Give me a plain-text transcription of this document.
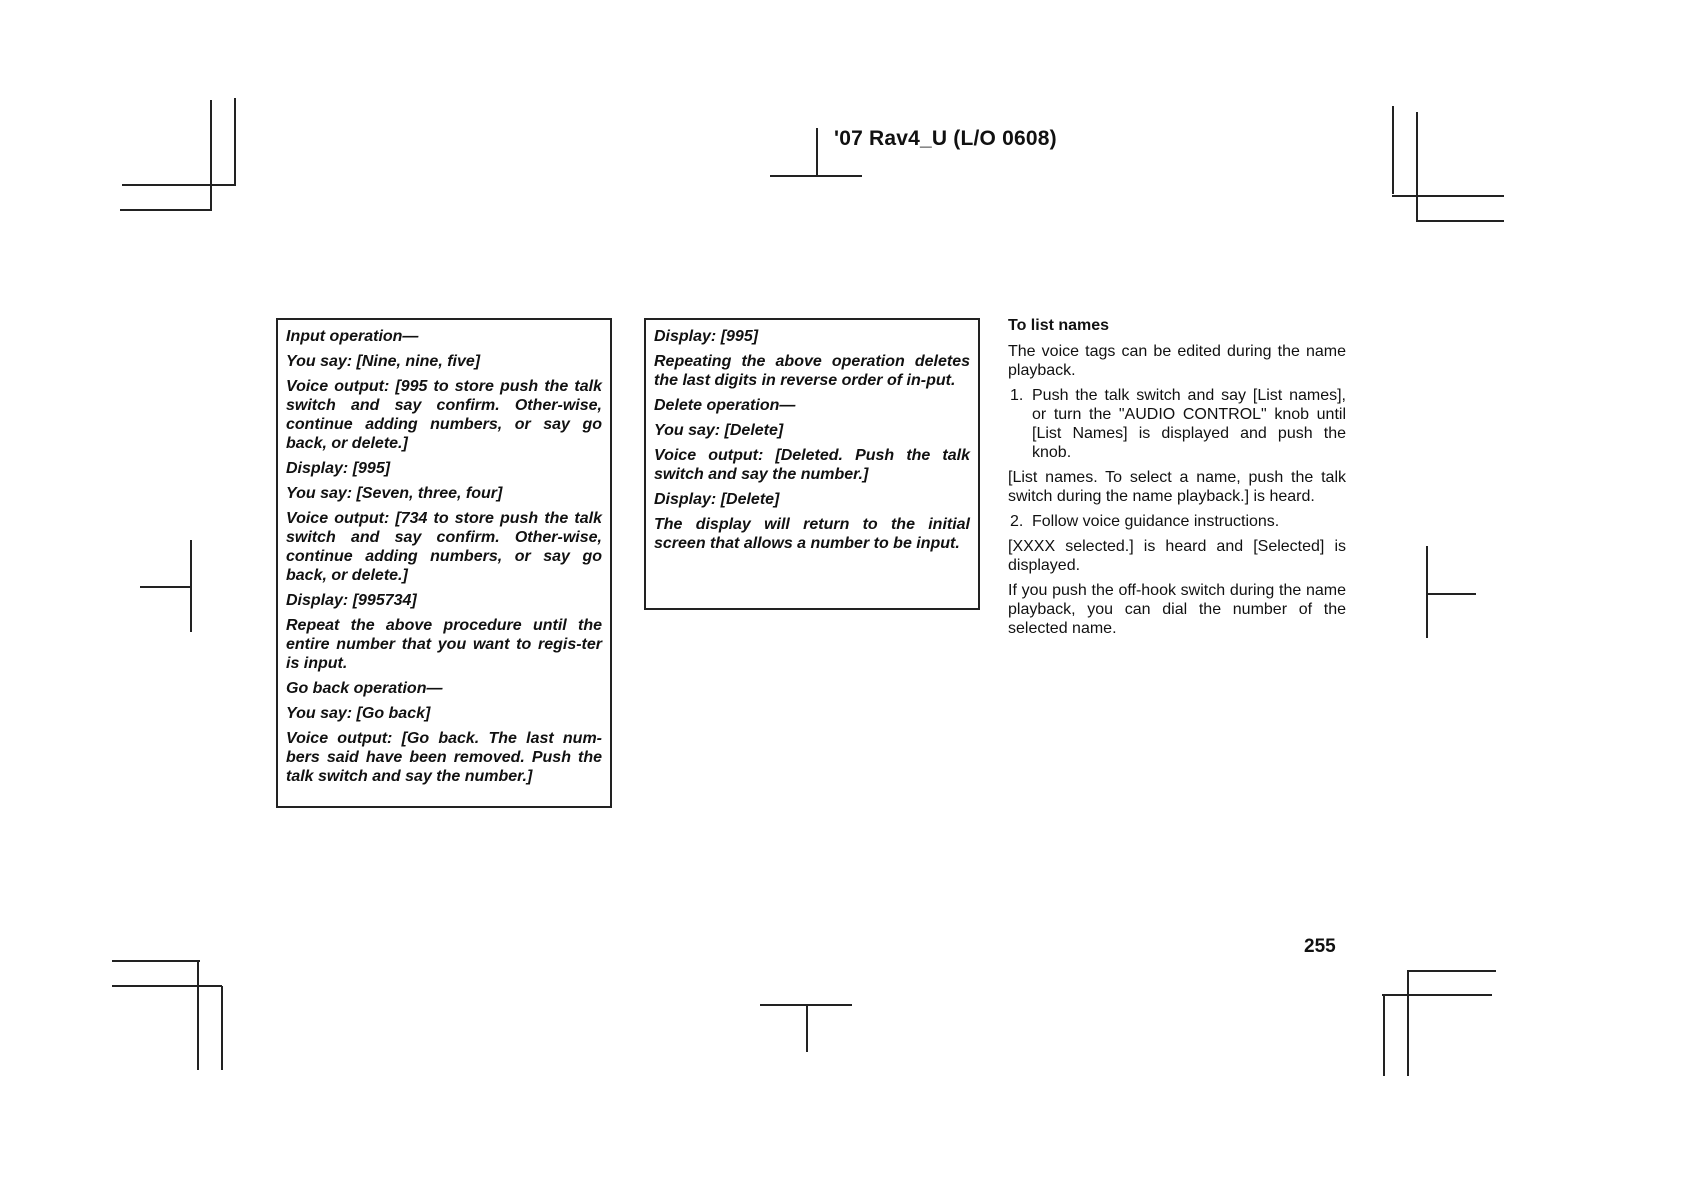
'07 Rav4_U (L/O 0608)

Input operation—

You say: [Nine, nine, five]

Voice output: [995 to store push the talk switch and say confirm. Other-wise, continue adding numbers, or say go back, or delete.]

Display: [995]

You say: [Seven, three, four]

Voice output: [734 to store push the talk switch and say confirm. Other-wise, continue adding numbers, or say go back, or delete.]

Display: [995734]

Repeat the above procedure until the entire number that you want to regis-ter is input.

Go back operation—

You say: [Go back]

Voice output: [Go back. The last num-bers said have been removed. Push the talk switch and say the number.]

Display: [995]

Repeating the above operation deletes the last digits in reverse order of in-put.

Delete operation—

You say: [Delete]

Voice output: [Deleted. Push the talk switch and say the number.]

Display: [Delete]

The display will return to the initial screen that allows a number to be input.

To list names

The voice tags can be edited during the name playback.

1. Push the talk switch and say [List names], or turn the "AUDIO CONTROL" knob until [List Names] is displayed and push the knob.

[List names. To select a name, push the talk switch during the name playback.] is heard.

2. Follow voice guidance instructions.

[XXXX selected.] is heard and [Selected] is displayed.

If you push the off-hook switch during the name playback, you can dial the number of the selected name.

255
